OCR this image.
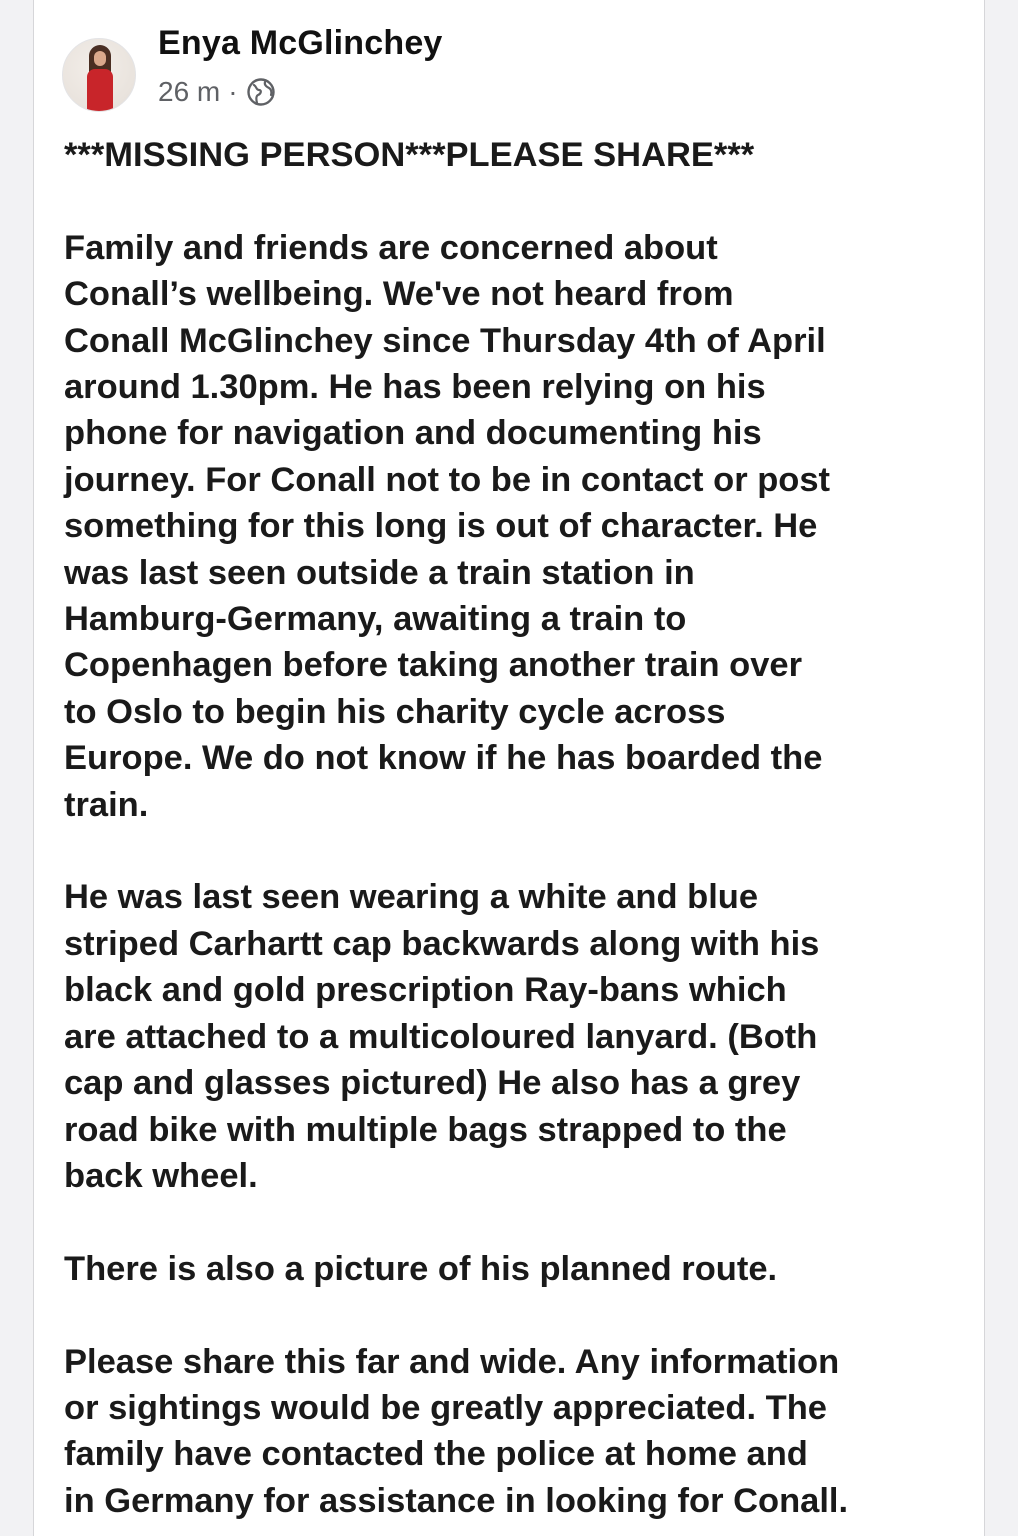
Enya McGlinchey
26 m ·

***MISSING PERSON***PLEASE SHARE***

Family and friends are concerned about
Conall’s wellbeing. We've not heard from
Conall McGlinchey since Thursday 4th of April
around 1.30pm. He has been relying on his
phone for navigation and documenting his
journey. For Conall not to be in contact or post
something for this long is out of character. He
was last seen outside a train station in
Hamburg-Germany, awaiting a train to
Copenhagen before taking another train over
to Oslo to begin his charity cycle across
Europe. We do not know if he has boarded the
train.

He was last seen wearing a white and blue
striped Carhartt cap backwards along with his
black and gold prescription Ray-bans which
are attached to a multicoloured lanyard. (Both
cap and glasses pictured) He also has a grey
road bike with multiple bags strapped to the
back wheel.

There is also a picture of his planned route.

Please share this far and wide. Any information
or sightings would be greatly appreciated. The
family have contacted the police at home and
in Germany for assistance in looking for Conall.
